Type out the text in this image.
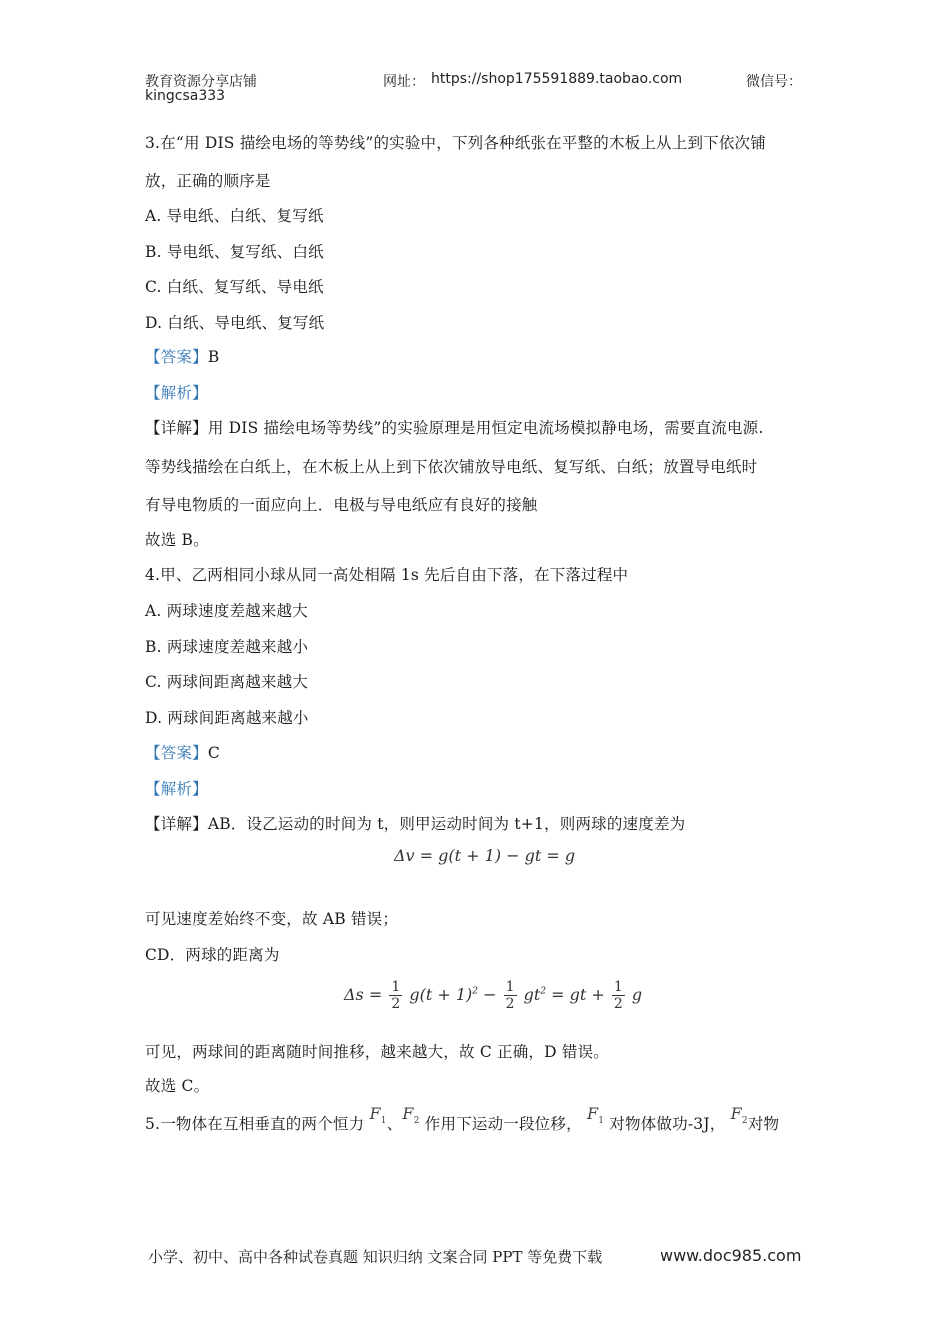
教育资源分享店铺	网址： https://shop175591889.taobao.com	微信号：
kingcsa333
3.在“用 DIS 描绘电场的等势线”的实验中，下列各种纸张在平整的木板上从上到下依次铺
放，正确的顺序是
A. 导电纸、白纸、复写纸
B. 导电纸、复写纸、白纸
C. 白纸、复写纸、导电纸
D. 白纸、导电纸、复写纸
【答案】B
【解析】
【详解】用 DIS 描绘电场等势线”的实验原理是用恒定电流场模拟静电场，需要直流电源.
等势线描绘在白纸上，在木板上从上到下依次铺放导电纸、复写纸、白纸；放置导电纸时
有导电物质的一面应向上．电极与导电纸应有良好的接触
故选 B。
4.甲、乙两相同小球从同一高处相隔 1s 先后自由下落，在下落过程中
A. 两球速度差越来越大
B. 两球速度差越来越小
C. 两球间距离越来越大
D. 两球间距离越来越小
【答案】C
【解析】
【详解】AB．设乙运动的时间为 t，则甲运动时间为 t+1，则两球的速度差为
Δv = g(t + 1) − gt = g
可见速度差始终不变，故 AB 错误；
CD．两球的距离为
$\Delta s = \frac{1}{2} g(t + 1)^2 - \frac{1}{2} gt^2$ = gt + $\frac{1}{2}$ g
可见，两球间的距离随时间推移，越来越大，故 C 正确，D 错误。
故选 C。
5.一物体在互相垂直的两个恒力 $F_1$、$F_2$ 作用下运动一段位移， $F_1$ 对物体做功-3J， $F_2$对物
小学、初中、高中各种试卷真题 知识归纳 文案合同 PPT 等免费下载	www.doc985.com
